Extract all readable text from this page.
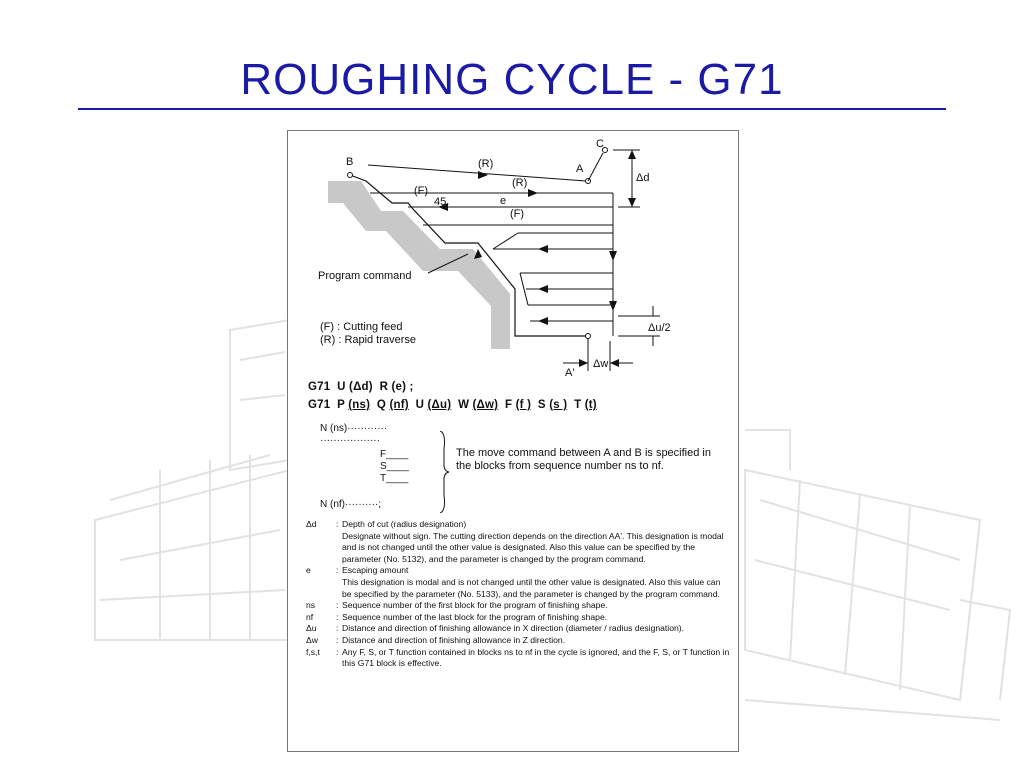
ROUGHING CYCLE - G71
B
A
C
A'
Δd
e
45.
Δu/2
Δw
(R)
(R)
(F)
(F)
Program command
(F) : Cutting feed
(R) : Rapid traverse
G71 U (Δd) R (e) ;
G71 P (ns) Q (nf) U (Δu) W (Δw) F (f ) S (s ) T (t)
N (ns)············
··················
F____
S____
T____
N (nf)··········;
The move command between A and B is specified in the blocks from sequence number ns to nf.
Δd	: Depth of cut (radius designation)
Designate without sign. The cutting direction depends on the direction AA'. This designation is modal and is not changed until the other value is designated. Also this value can be specified by the parameter (No. 5132), and the parameter is changed by the program command.
e	: Escaping amount
This designation is modal and is not changed until the other value is designated. Also this value can be specified by the parameter (No. 5133), and the parameter is changed by the program command.
ns	: Sequence number of the first block for the program of finishing shape.
nf	: Sequence number of the last block for the program of finishing shape.
Δu	: Distance and direction of finishing allowance in X direction (diameter / radius designation).
Δw	: Distance and direction of finishing allowance in Z direction.
f,s,t	: Any F, S, or T function contained in blocks ns to nf in the cycle is ignored, and the F, S, or T function in this G71 block is effective.
